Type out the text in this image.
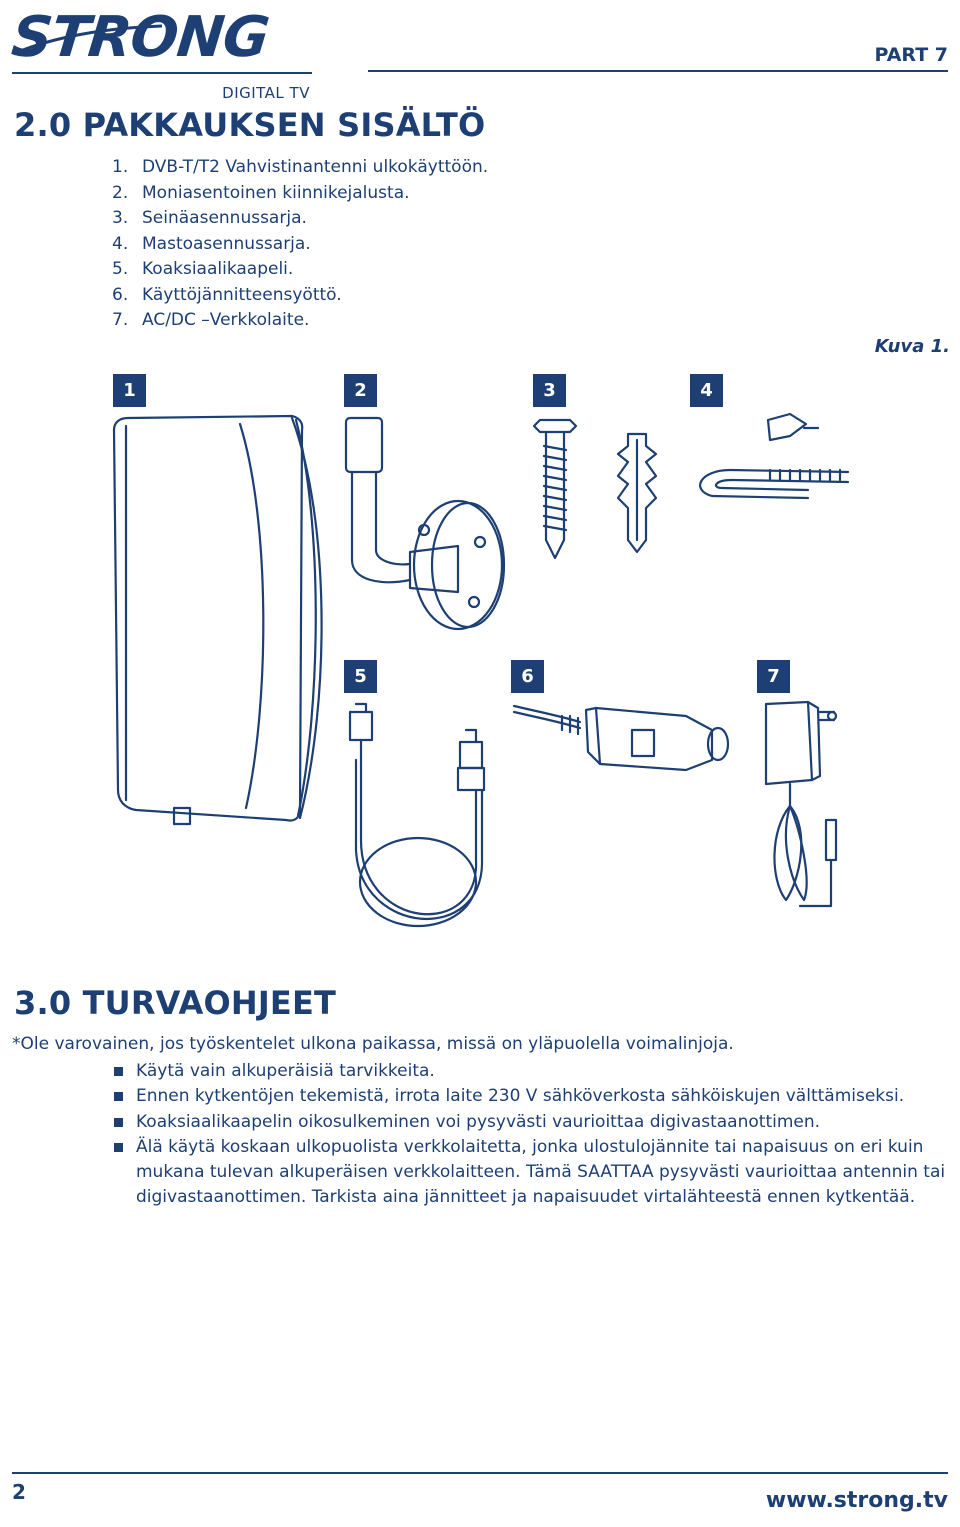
STRONG
DIGITAL TV
PART 7
2.0 PAKKAUKSEN SISÄLTÖ
1. DVB-T/T2 Vahvistinantenni ulkokäyttöön.
2. Moniasentoinen kiinnikejalusta.
3. Seinäasennussarja.
4. Mastoasennussarja.
5. Koaksiaalikaapeli.
6. Käyttöjännitteensyöttö.
7. AC/DC –Verkkolaite.
Kuva 1.
1	2	3	4
5	6	7
3.0 TURVAOHJEET
*Ole varovainen, jos työskentelet ulkona paikassa, missä on yläpuolella voimalinjoja.
Käytä vain alkuperäisiä tarvikkeita.
Ennen kytkentöjen tekemistä, irrota laite 230 V sähköverkosta sähköiskujen välttämiseksi.
Koaksiaalikaapelin oikosulkeminen voi pysyvästi vaurioittaa digivastaanottimen.
Älä käytä koskaan ulkopuolista verkkolaitetta, jonka ulostulojännite tai napaisuus on eri kuin mukana tulevan alkuperäisen verkkolaitteen. Tämä SAATTAA pysyvästi vaurioittaa antennin tai digivastaanottimen. Tarkista aina jännitteet ja napaisuudet virtalähteestä ennen kytkentää.
2	www.strong.tv
